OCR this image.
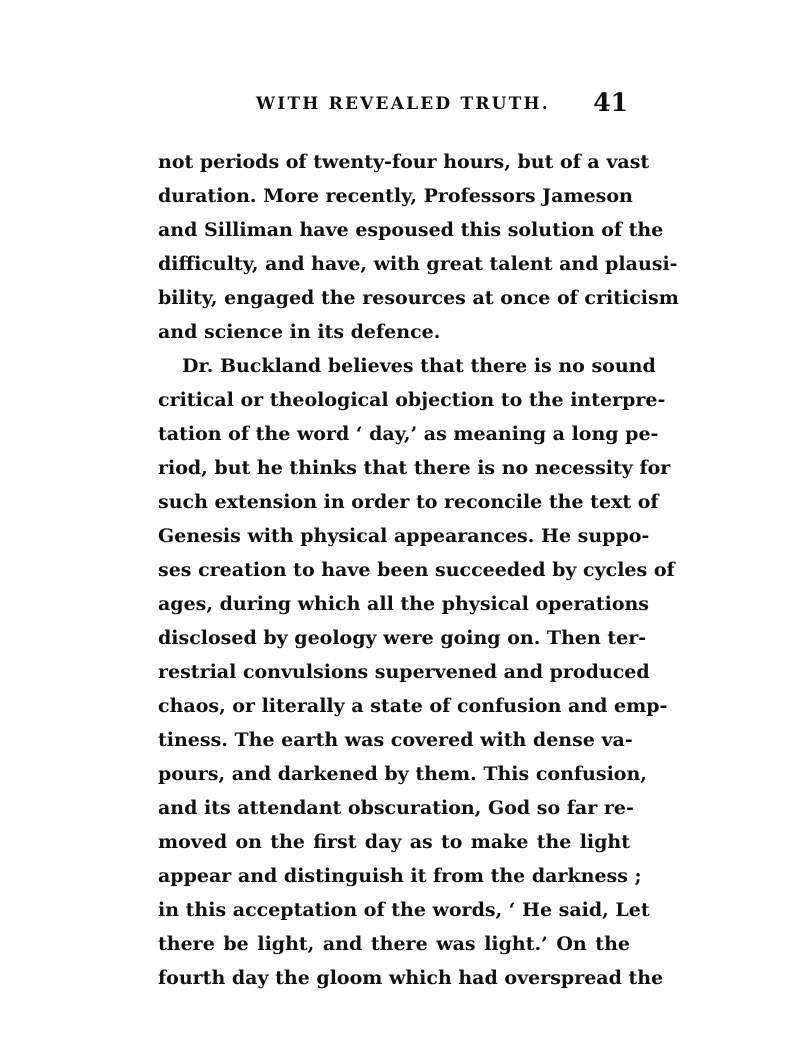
WITH REVEALED TRUTH. 41
not periods of twenty-four hours, but of a vast
duration. More recently, Professors Jameson
and Silliman have espoused this solution of the
difficulty, and have, with great talent and plausi-
bility, engaged the resources at once of criticism
and science in its defence.
Dr. Buckland believes that there is no sound
critical or theological objection to the interpre-
tation of the word ‘ day,’ as meaning a long pe-
riod, but he thinks that there is no necessity for
such extension in order to reconcile the text of
Genesis with physical appearances. He suppo-
ses creation to have been succeeded by cycles of
ages, during which all the physical operations
disclosed by geology were going on. Then ter-
restrial convulsions supervened and produced
chaos, or literally a state of confusion and emp-
tiness. The earth was covered with dense va-
pours, and darkened by them. This confusion,
and its attendant obscuration, God so far re-
moved on the first day as to make the light
appear and distinguish it from the darkness ;
in this acceptation of the words, ‘ He said, Let
there be light, and there was light.’ On the
fourth day the gloom which had overspread the
